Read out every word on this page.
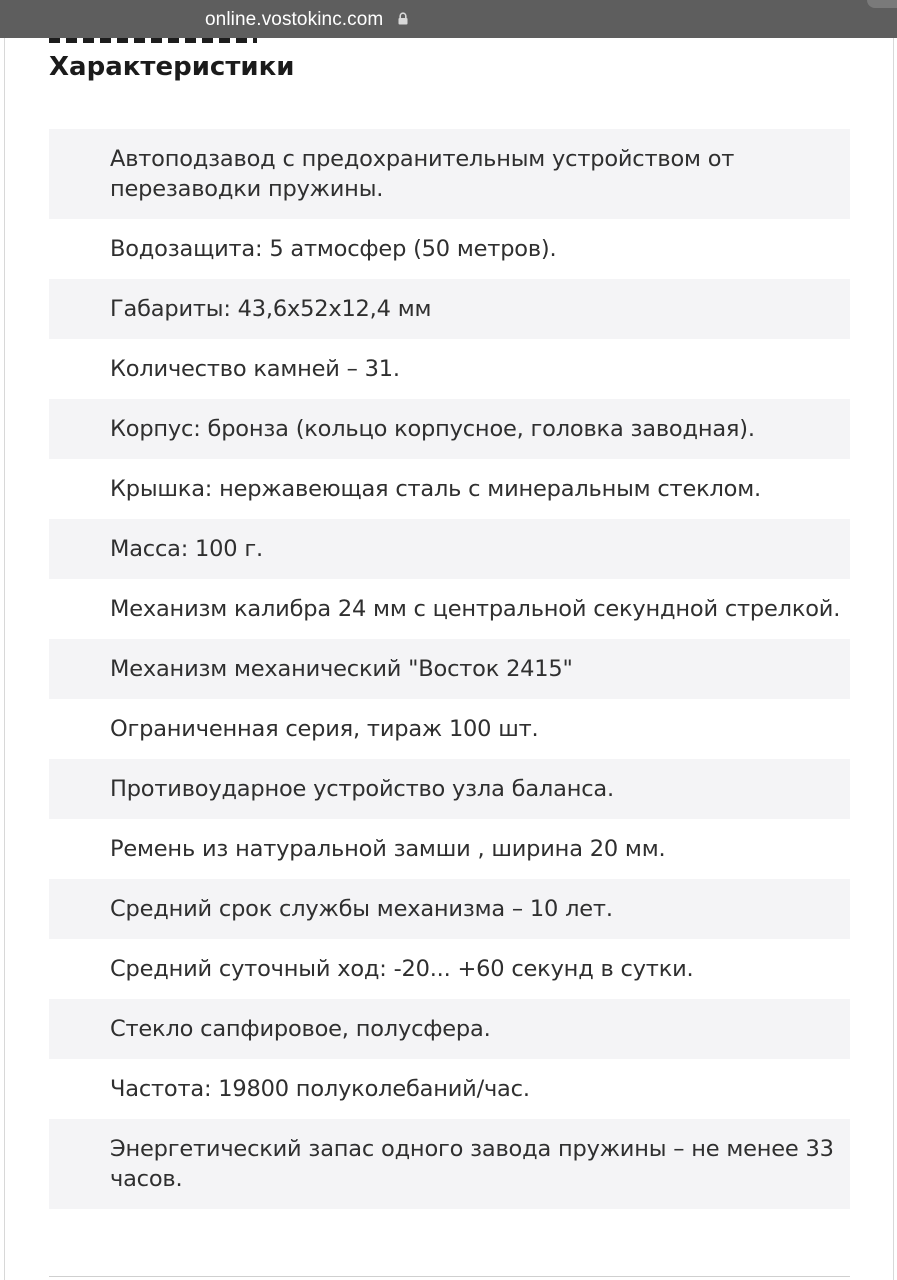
online.vostokinc.com
Характеристики
Автоподзавод с предохранительным устройством от перезаводки пружины.
Водозащита: 5 атмосфер (50 метров).
Габариты: 43,6х52х12,4 мм
Количество камней – 31.
Корпус: бронза (кольцо корпусное, головка заводная).
Крышка: нержавеющая сталь с минеральным стеклом.
Масса: 100 г.
Механизм калибра 24 мм с центральной секундной стрелкой.
Механизм механический "Восток 2415"
Ограниченная серия, тираж 100 шт.
Противоударное устройство узла баланса.
Ремень из натуральной замши , ширина 20 мм.
Средний срок службы механизма – 10 лет.
Средний суточный ход: -20... +60 секунд в сутки.
Стекло сапфировое, полусфера.
Частота: 19800 полуколебаний/час.
Энергетический запас одного завода пружины – не менее 33 часов.
